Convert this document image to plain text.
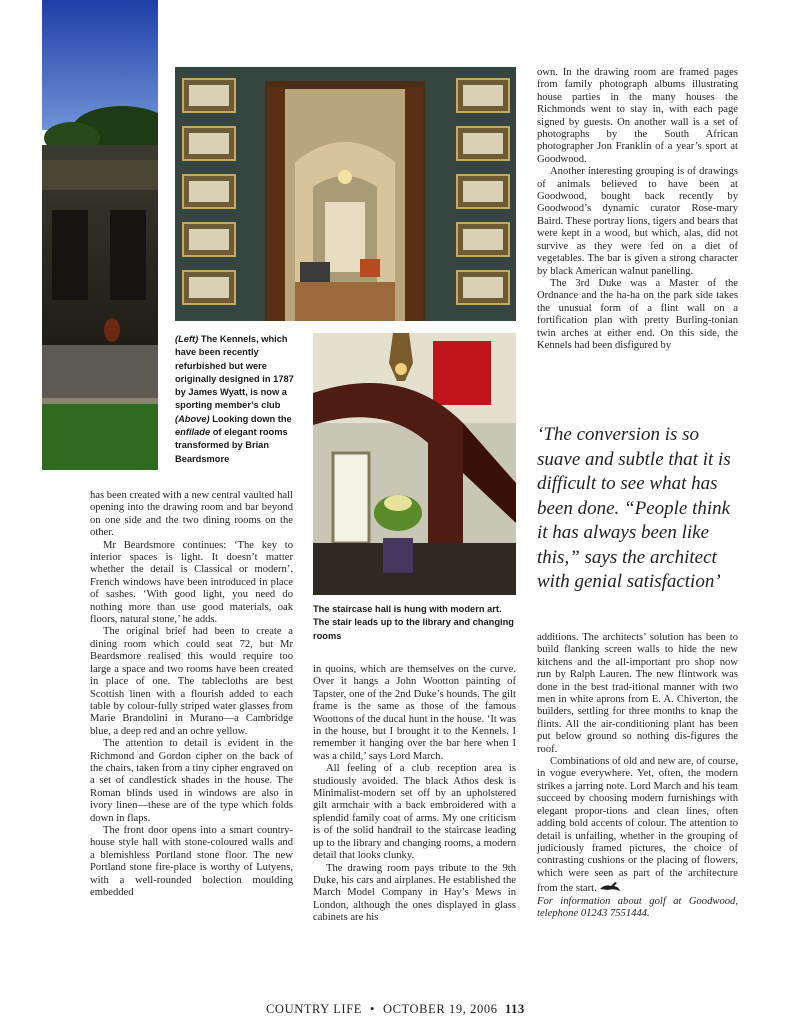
(Left) The Kennels, which have been recently refurbished but were originally designed in 1787 by James Wyatt, is now a sporting member’s club (Above) Looking down the enfilade of elegant rooms transformed by Brian Beardsmore
The staircase hall is hung with modern art. The stair leads up to the library and changing rooms

has been created with a new central vaulted hall opening into the drawing room and bar beyond on one side and the two dining rooms on the other.

Mr Beardsmore continues: ‘The key to interior spaces is light. It doesn’t matter whether the detail is Classical or modern’. French windows have been introduced in place of sashes. ‘With good light, you need do nothing more than use good materials, oak floors, natural stone,’ he adds.

The original brief had been to create a dining room which could seat 72, but Mr Beardsmore realised this would require too large a space and two rooms have been created in place of one. The tablecloths are best Scottish linen with a flourish added to each table by colour-fully striped water glasses from Marie Brandolini in Murano—a Cambridge blue, a deep red and an ochre yellow.

The attention to detail is evident in the Richmond and Gordon cipher on the back of the chairs, taken from a tiny cipher engraved on a set of candlestick shades in the house. The Roman blinds used in windows are also in ivory linen—these are of the type which folds down in flaps.

The front door opens into a smart country-house style hall with stone-coloured walls and a blemishless Portland stone floor. The new Portland stone fire-place is worthy of Lutyens, with a well-rounded bolection moulding embedded

in quoins, which are themselves on the curve. Over it hangs a John Wootton painting of Tapster, one of the 2nd Duke’s hounds. The gilt frame is the same as those of the famous Woottons of the ducal hunt in the house. ‘It was in the house, but I brought it to the Kennels. I remember it hanging over the bar here when I was a child,’ says Lord March.

All feeling of a club reception area is studiously avoided. The black Athos desk is Minimalist-modern set off by an upholstered gilt armchair with a back embroidered with a splendid family coat of arms. My one criticism is of the solid handrail to the staircase leading up to the library and changing rooms, a modern detail that looks clunky.

The drawing room pays tribute to the 9th Duke, his cars and airplanes. He established the March Model Company in Hay’s Mews in London, although the ones displayed in glass cabinets are his

own. In the drawing room are framed pages from family photograph albums illustrating house parties in the many houses the Richmonds went to stay in, with each page signed by guests. On another wall is a set of photographs by the South African photographer Jon Franklin of a year’s sport at Goodwood.

Another interesting grouping is of drawings of animals believed to have been at Goodwood, bought back recently by Goodwood’s dynamic curator Rose-mary Baird. These portray lions, tigers and bears that were kept in a wood, but which, alas, did not survive as they were fed on a diet of vegetables. The bar is given a strong character by black American walnut panelling.

The 3rd Duke was a Master of the Ordnance and the ha-ha on the park side takes the unusual form of a flint wall on a fortification plan with pretty Burling-tonian twin arches at either end. On this side, the Kennels had been disfigured by

‘The conversion is so suave and subtle that it is difficult to see what has been done. “People think it has always been like this,” says the architect with genial satisfaction’

additions. The architects’ solution has been to build flanking screen walls to hide the new kitchens and the all-important pro shop now run by Ralph Lauren. The new flintwork was done in the best trad-itional manner with two men in white aprons from E. A. Chiverton, the builders, settling for three months to knap the flints. All the air-conditioning plant has been put below ground so nothing dis-figures the roof.

Combinations of old and new are, of course, in vogue everywhere. Yet, often, the modern strikes a jarring note. Lord March and his team succeed by choosing modern furnishings with elegant propor-tions and clean lines, often adding bold accents of colour. The attention to detail is unfailing, whether in the grouping of judiciously framed pictures, the choice of contrasting cushions or the placing of flowers, which were seen as part of the architecture from the start.

For information about golf at Goodwood, telephone 01243 7551444.

COUNTRY LIFE • OCTOBER 19, 2006 113
